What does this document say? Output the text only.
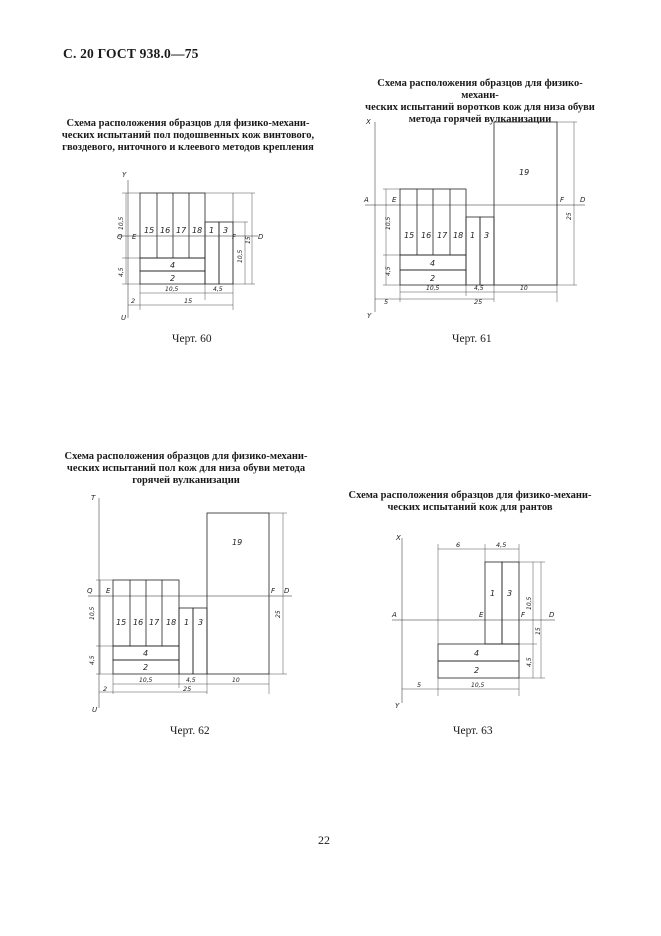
С. 20 ГОСТ 938.0—75
Схема расположения образцов для физико-механи-
ческих испытаний воротков кож для низа обуви
метода горячей вулканизации
Схема расположения образцов для физико-механи-
ческих испытаний пол подошвенных кож винтового,
гвоздевого, ниточного и клеевого методов крепления
Схема расположения образцов для физико-механи-
ческих испытаний пол кож для низа обуви метода
горячей вулканизации
Схема расположения образцов для физико-механи-
ческих испытаний кож для рантов
Черт. 60	Черт. 61
Черт. 62	Черт. 63
22
Y
U
Q	D
E	F
15 16 17 18 1 3
4
2
10,5
4,5
10,5
15
10,5	4,5
15
2
X
Y
A	D
E	F
19
15 16 17 18 1 3
4
2
10,5
4,5
25
10,5	4,5	10
25
5
T
U
Q	D
E	F
19
15 16 17 18 1 3
4
2
10,5
4,5
25
10,5	4,5	10
25
2
X
Y
A	D
E	F
1 3
4
2
6	4,5
10,5
15
4,5
10,5
5
